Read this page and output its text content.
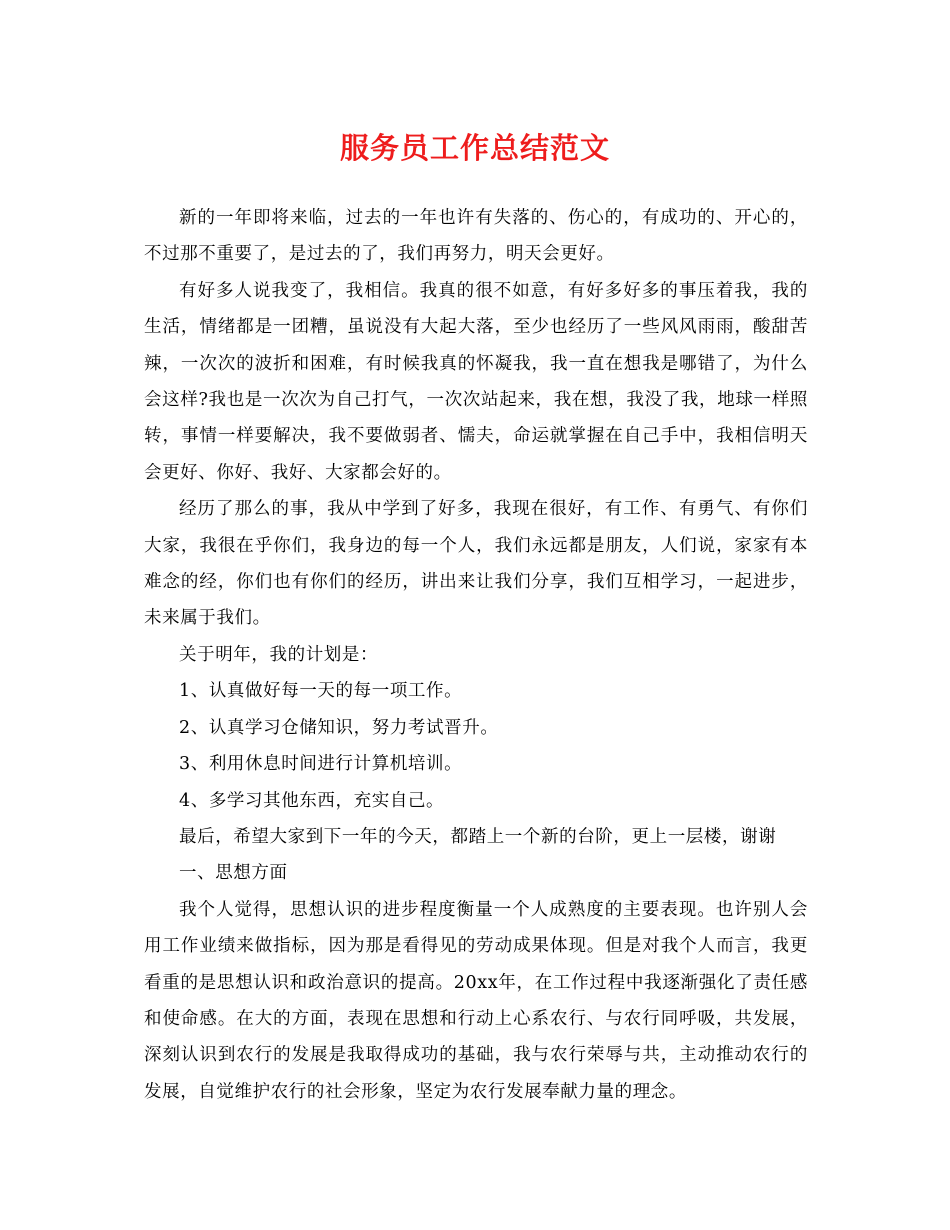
服务员工作总结范文

新的一年即将来临，过去的一年也许有失落的、伤心的，有成功的、开心的，不过那不重要了，是过去的了，我们再努力，明天会更好。

有好多人说我变了，我相信。我真的很不如意，有好多好多的事压着我，我的生活，情绪都是一团糟，虽说没有大起大落，至少也经历了一些风风雨雨，酸甜苦辣，一次次的波折和困难，有时候我真的怀凝我，我一直在想我是哪错了，为什么会这样?我也是一次次为自己打气，一次次站起来，我在想，我没了我，地球一样照转，事情一样要解决，我不要做弱者、懦夫，命运就掌握在自己手中，我相信明天会更好、你好、我好、大家都会好的。

经历了那么的事，我从中学到了好多，我现在很好，有工作、有勇气、有你们大家，我很在乎你们，我身边的每一个人，我们永远都是朋友，人们说，家家有本难念的经，你们也有你们的经历，讲出来让我们分享，我们互相学习，一起进步，未来属于我们。

关于明年，我的计划是：

1、认真做好每一天的每一项工作。

2、认真学习仓储知识，努力考试晋升。

3、利用休息时间进行计算机培训。

4、多学习其他东西，充实自己。

最后，希望大家到下一年的今天，都踏上一个新的台阶，更上一层楼，谢谢

一、思想方面

我个人觉得，思想认识的进步程度衡量一个人成熟度的主要表现。也许别人会用工作业绩来做指标，因为那是看得见的劳动成果体现。但是对我个人而言，我更看重的是思想认识和政治意识的提高。20xx年，在工作过程中我逐渐强化了责任感和使命感。在大的方面，表现在思想和行动上心系农行、与农行同呼吸，共发展，深刻认识到农行的发展是我取得成功的基础，我与农行荣辱与共，主动推动农行的发展，自觉维护农行的社会形象，坚定为农行发展奉献力量的理念。
